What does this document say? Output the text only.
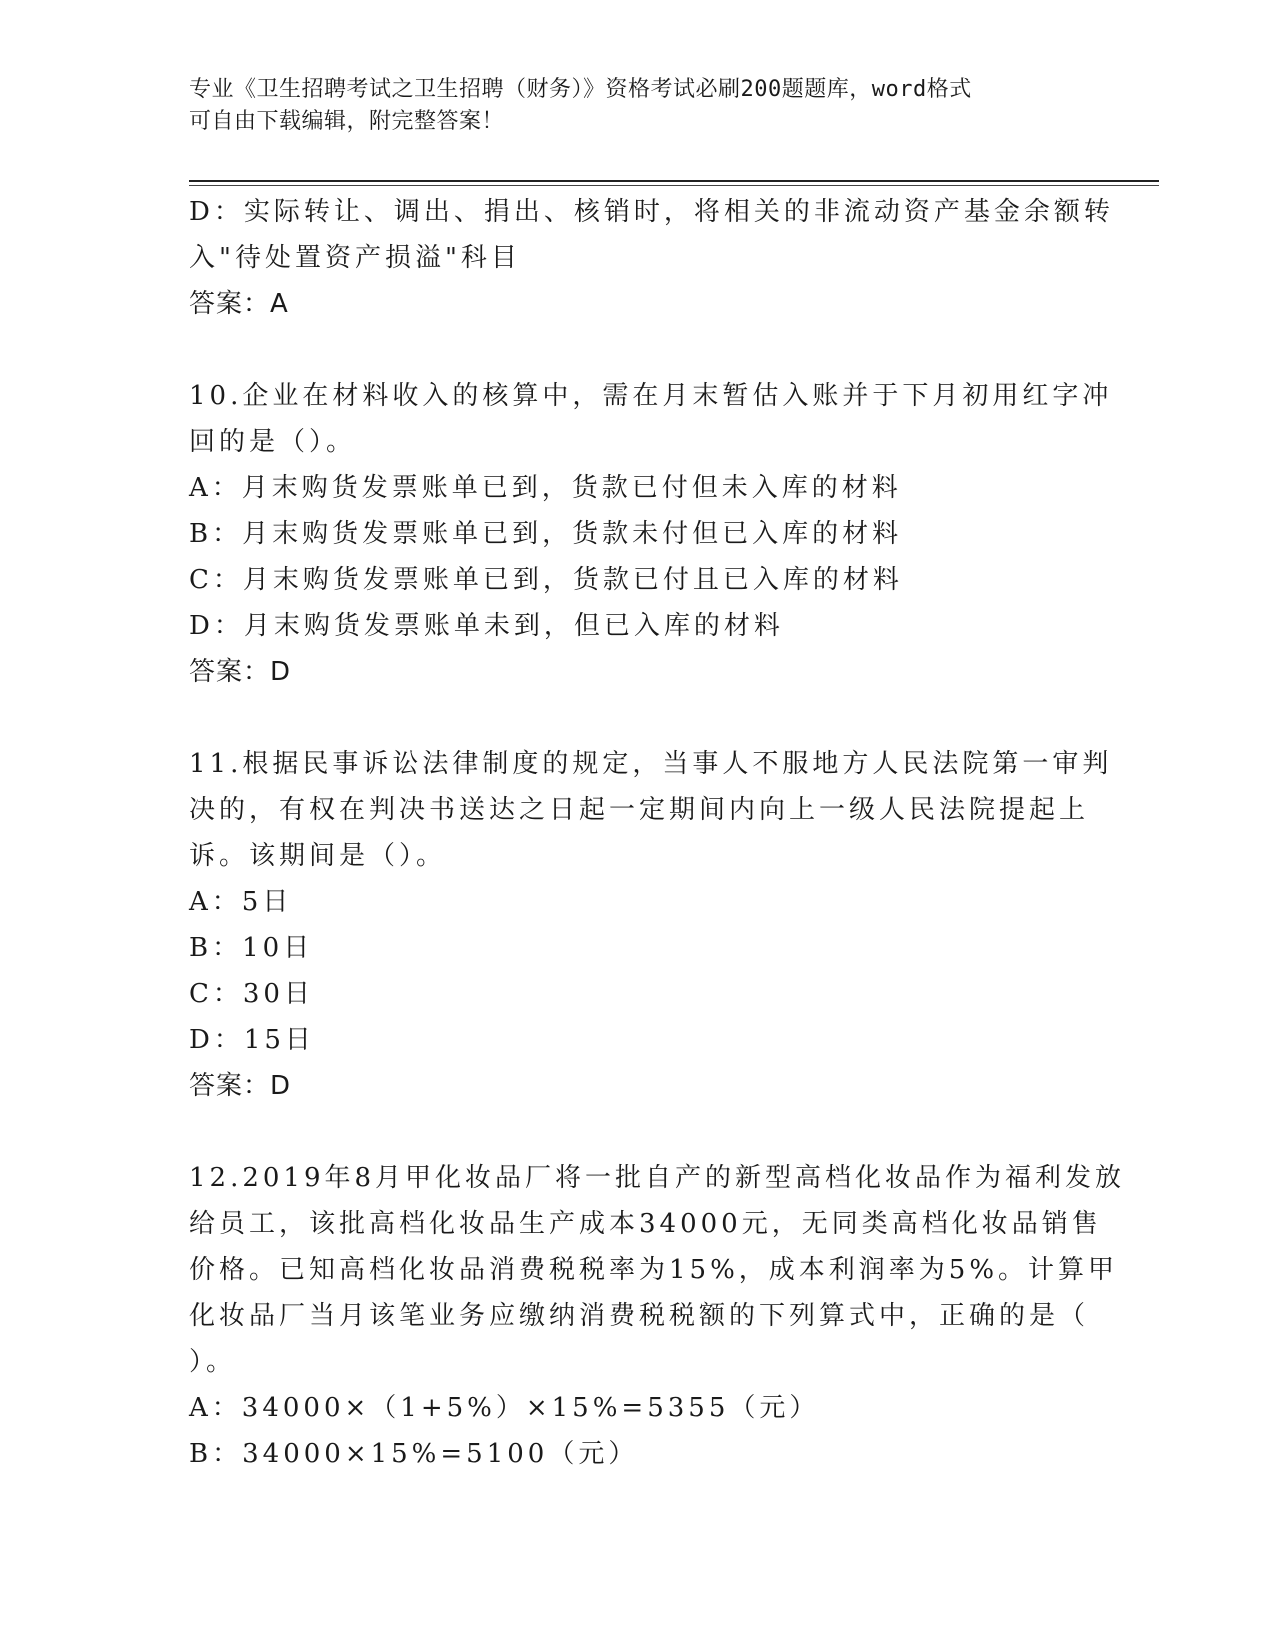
专业《卫生招聘考试之卫生招聘（财务）》资格考试必刷200题题库，word格式
可自由下载编辑，附完整答案！
D：实际转让、调出、捐出、核销时，将相关的非流动资产基金余额转
入"待处置资产损溢"科目
答案：A
10.企业在材料收入的核算中，需在月末暂估入账并于下月初用红字冲
回的是（）。
A：月末购货发票账单已到，货款已付但未入库的材料
B：月末购货发票账单已到，货款未付但已入库的材料
C：月末购货发票账单已到，货款已付且已入库的材料
D：月末购货发票账单未到，但已入库的材料
答案：D
11.根据民事诉讼法律制度的规定，当事人不服地方人民法院第一审判
决的，有权在判决书送达之日起一定期间内向上一级人民法院提起上
诉。该期间是（）。
A：5日
B：10日
C：30日
D：15日
答案：D
12.2019年8月甲化妆品厂将一批自产的新型高档化妆品作为福利发放
给员工，该批高档化妆品生产成本34000元，无同类高档化妆品销售
价格。已知高档化妆品消费税税率为15%，成本利润率为5%。计算甲
化妆品厂当月该笔业务应缴纳消费税税额的下列算式中，正确的是（
）。
A：34000×（1+5%）×15%=5355（元）
B：34000×15%=5100（元）
